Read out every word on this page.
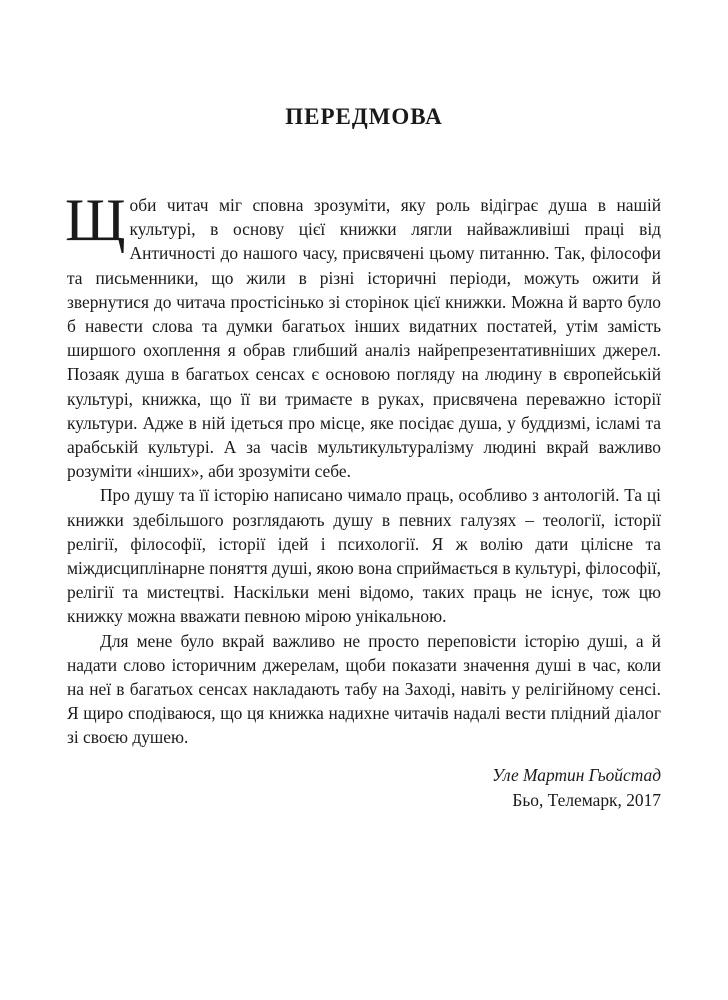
ПЕРЕДМОВА

Щоби читач міг сповна зрозуміти, яку роль відіграє душа в нашій культурі, в основу цієї книжки лягли найважливіші праці від Античності до нашого часу, присвячені цьому питанню. Так, філософи та письменники, що жили в різні історичні періоди, можуть ожити й звернутися до читача простісінько зі сторінок цієї книжки. Можна й варто було б навести слова та думки багатьох інших видатних постатей, утім замість ширшого охоплення я обрав глибший аналіз найрепрезентативніших джерел. Позаяк душа в багатьох сенсах є основою погляду на людину в європейській культурі, книжка, що її ви тримаєте в руках, присвячена переважно історії культури. Адже в ній ідеться про місце, яке посідає душа, у буддизмі, ісламі та арабській культурі. А за часів мультикультуралізму людині вкрай важливо розуміти «інших», аби зрозуміти себе.

Про душу та її історію написано чимало праць, особливо з антологій. Та ці книжки здебільшого розглядають душу в певних галузях – теології, історії релігії, філософії, історії ідей і психології. Я ж волію дати цілісне та міждисциплінарне поняття душі, якою вона сприймається в культурі, філософії, релігії та мистецтві. Наскільки мені відомо, таких праць не існує, тож цю книжку можна вважати певною мірою унікальною.

Для мене було вкрай важливо не просто переповісти історію душі, а й надати слово історичним джерелам, щоби показати значення душі в час, коли на неї в багатьох сенсах накладають табу на Заході, навіть у релігійному сенсі. Я щиро сподіваюся, що ця книжка надихне читачів надалі вести плідний діалог зі своєю душею.

Уле Мартин Гьойстад
Бьо, Телемарк, 2017
